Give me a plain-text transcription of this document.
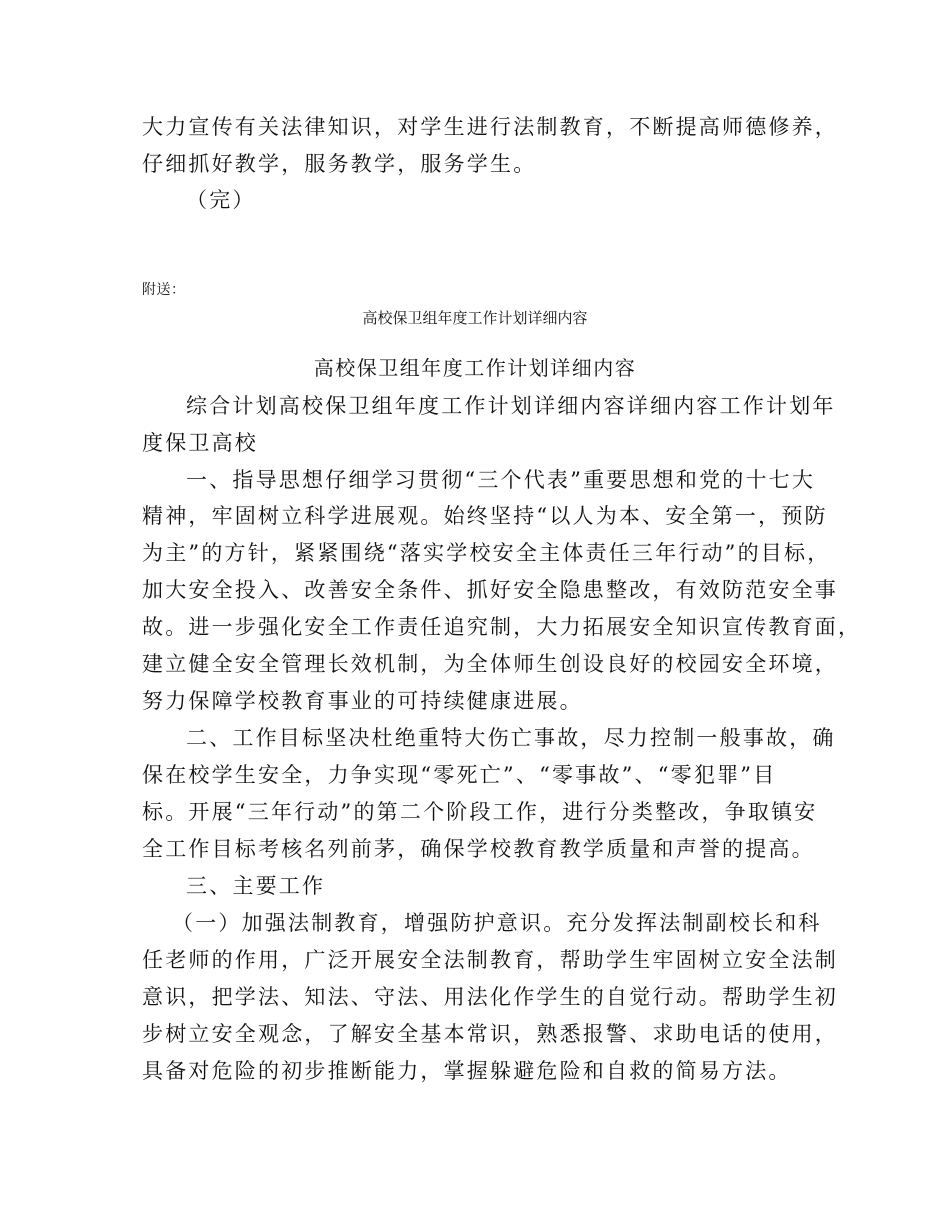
大力宣传有关法律知识，对学生进行法制教育，不断提高师德修养，
仔细抓好教学，服务教学，服务学生。
（完）
附送：
高校保卫组年度工作计划详细内容
高校保卫组年度工作计划详细内容
综合计划高校保卫组年度工作计划详细内容详细内容工作计划年
度保卫高校
一、指导思想仔细学习贯彻“三个代表”重要思想和党的十七大
精神，牢固树立科学进展观。始终坚持“以人为本、安全第一，预防
为主”的方针，紧紧围绕“落实学校安全主体责任三年行动”的目标，
加大安全投入、改善安全条件、抓好安全隐患整改，有效防范安全事
故。进一步强化安全工作责任追究制，大力拓展安全知识宣传教育面，
建立健全安全管理长效机制，为全体师生创设良好的校园安全环境，
努力保障学校教育事业的可持续健康进展。
二、工作目标坚决杜绝重特大伤亡事故，尽力控制一般事故，确
保在校学生安全，力争实现“零死亡”、“零事故”、“零犯罪”目
标。开展“三年行动”的第二个阶段工作，进行分类整改，争取镇安
全工作目标考核名列前茅，确保学校教育教学质量和声誉的提高。
三、主要工作
（一）加强法制教育，增强防护意识。充分发挥法制副校长和科
任老师的作用，广泛开展安全法制教育，帮助学生牢固树立安全法制
意识，把学法、知法、守法、用法化作学生的自觉行动。帮助学生初
步树立安全观念，了解安全基本常识，熟悉报警、求助电话的使用，
具备对危险的初步推断能力，掌握躲避危险和自救的简易方法。
